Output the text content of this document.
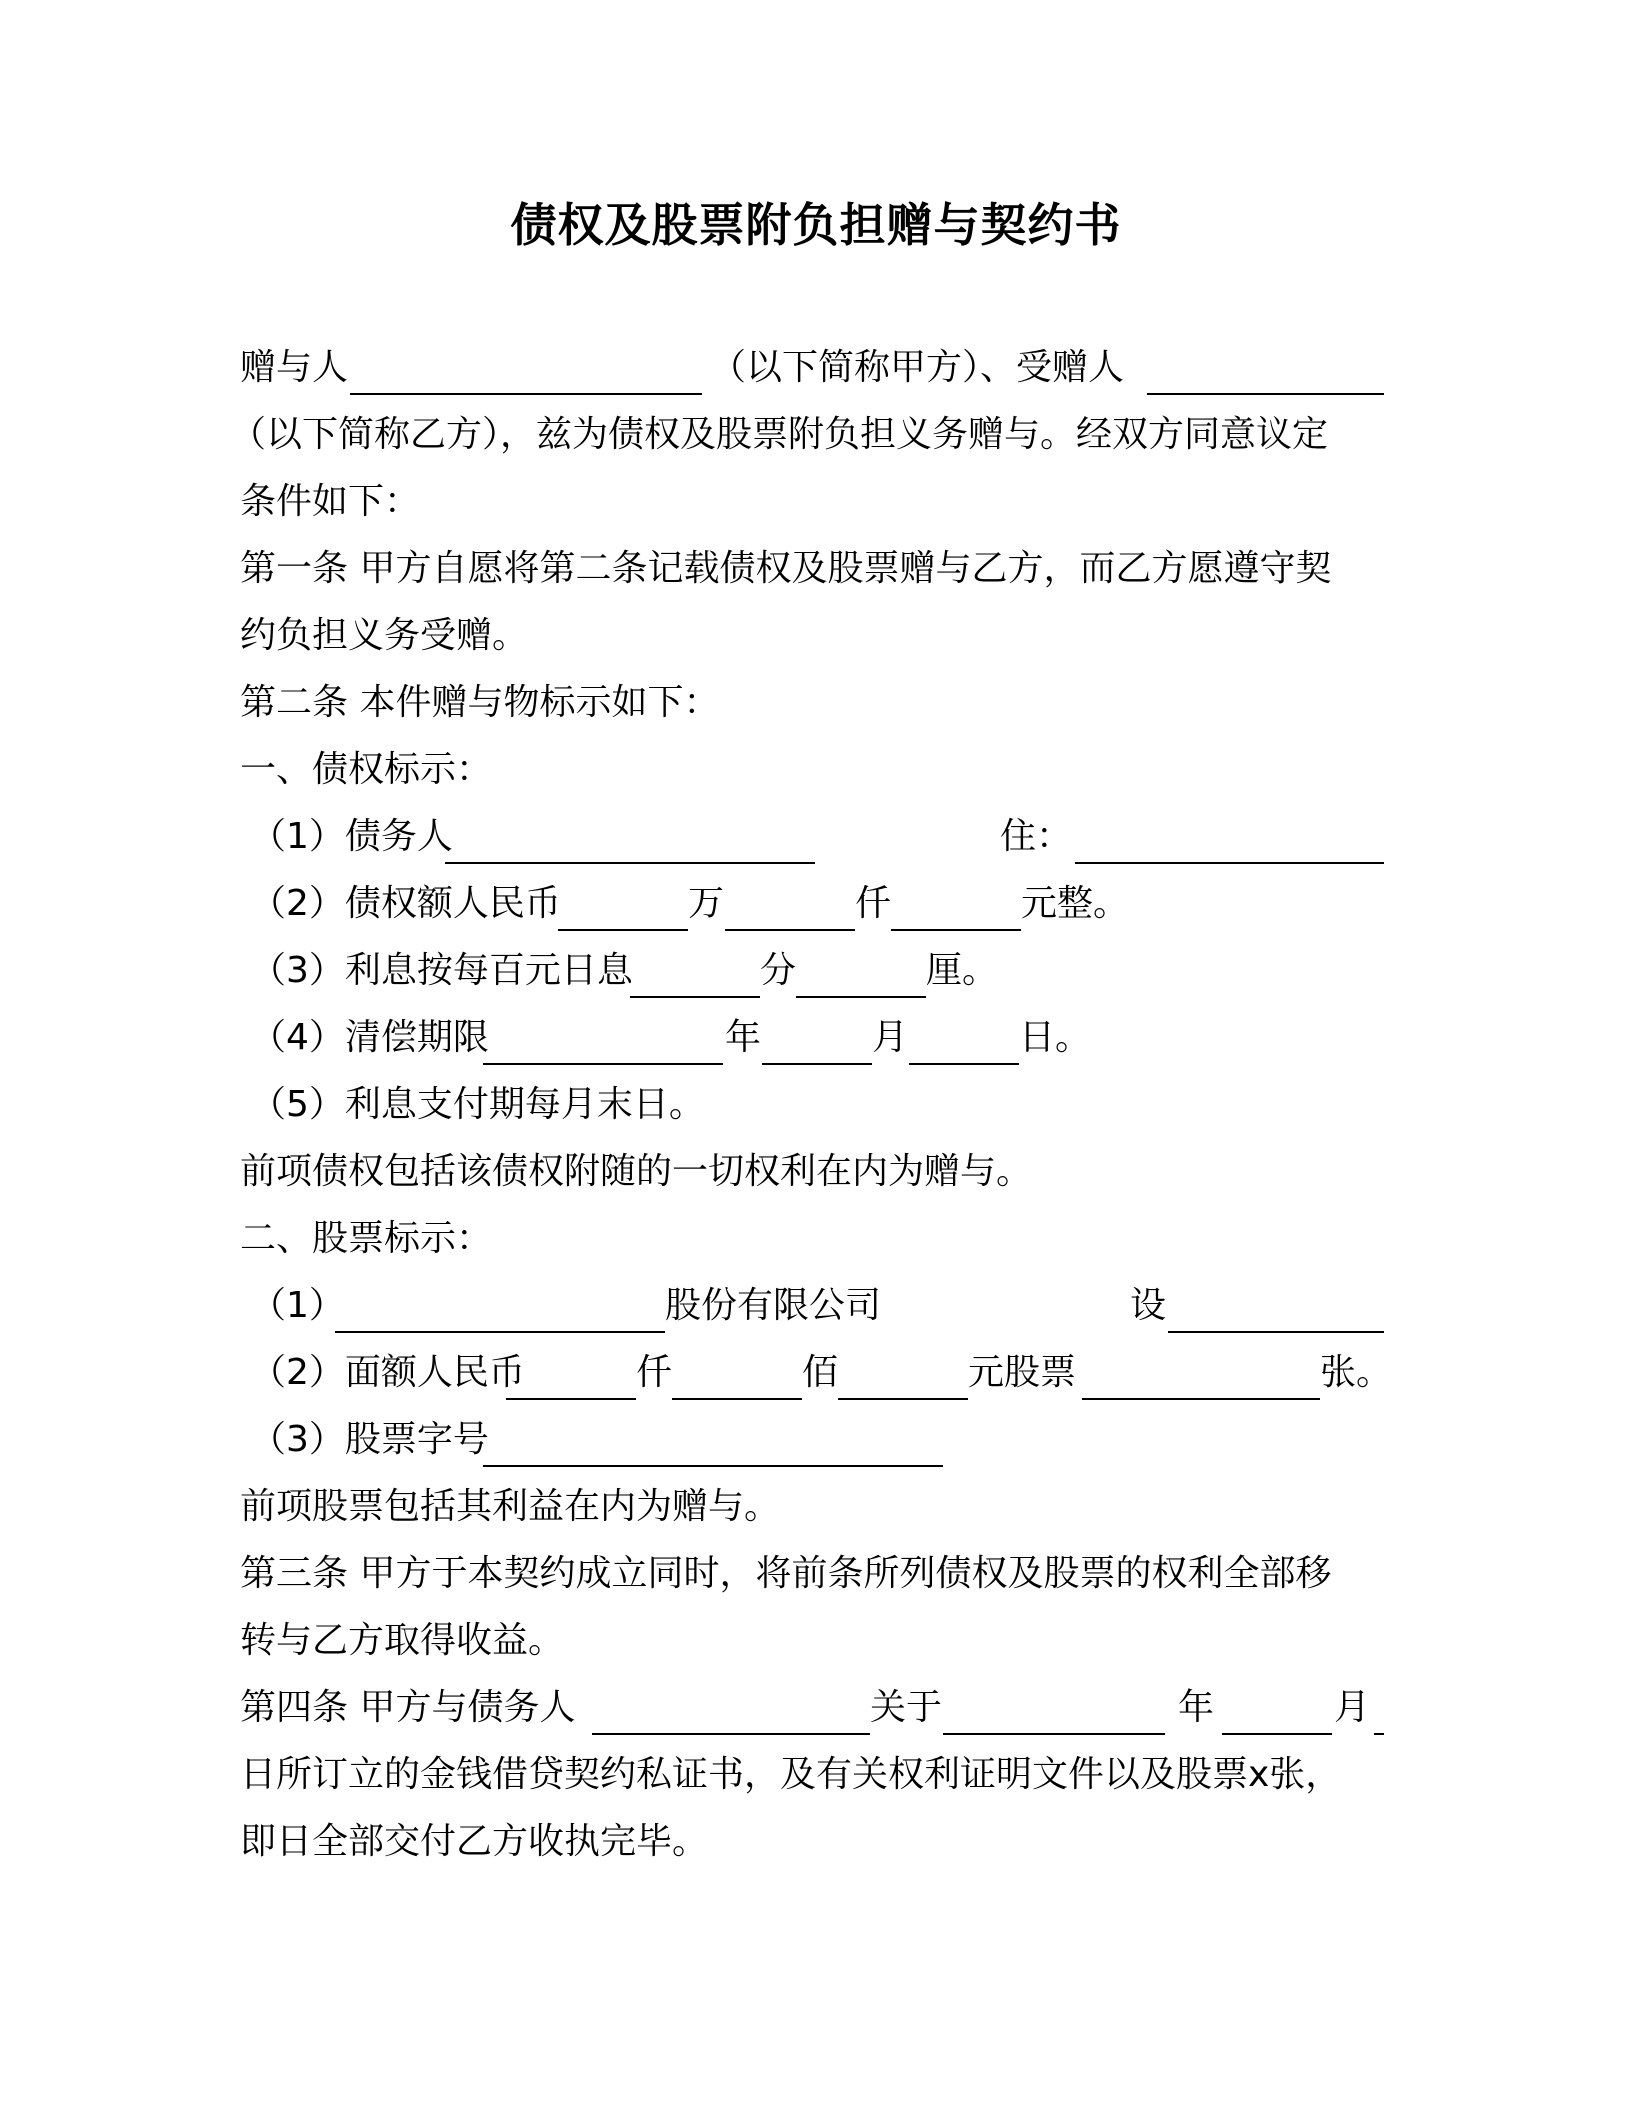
债权及股票附负担赠与契约书
赠与人	（以下简称甲方）、受赠人
（以下简称乙方），兹为债权及股票附负担义务赠与。经双方同意议定
条件如下：
第一条 甲方自愿将第二条记载债权及股票赠与乙方，而乙方愿遵守契
约负担义务受赠。
第二条 本件赠与物标示如下：
一、债权标示：
（1）债务人	住：
（2）债权额人民币	万	仟	元整。
（3）利息按每百元日息	分	厘。
（4）清偿期限	年	月	日。
（5）利息支付期每月末日。
前项债权包括该债权附随的一切权利在内为赠与。
二、股票标示：
（1）	股份有限公司	设
（2）面额人民币	仟	佰	元股票	张。
（3）股票字号
前项股票包括其利益在内为赠与。
第三条 甲方于本契约成立同时，将前条所列债权及股票的权利全部移
转与乙方取得收益。
第四条 甲方与债务人	关于	年	月
日所订立的金钱借贷契约私证书，及有关权利证明文件以及股票x张，
即日全部交付乙方收执完毕。
